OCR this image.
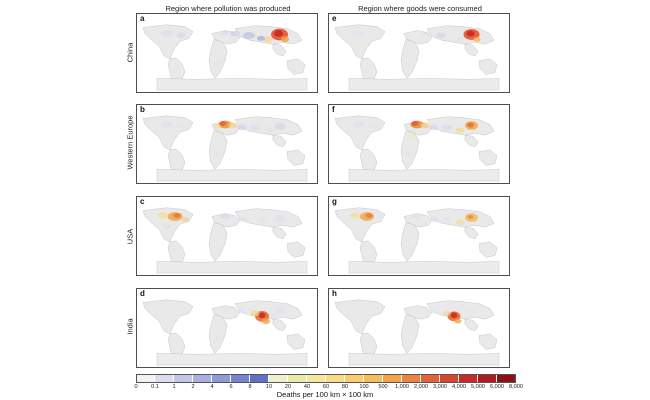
Region where pollution was produced	Region where goods were consumed
China
Western Europe
USA
India
a	e
b	f
c	g
d	h
0 0.1 1	2	4	6	8	10 20 40 60 80 100 500 1,000 2,000 3,000 4,000 5,000 6,000 8,000
Deaths per 100 km × 100 km
